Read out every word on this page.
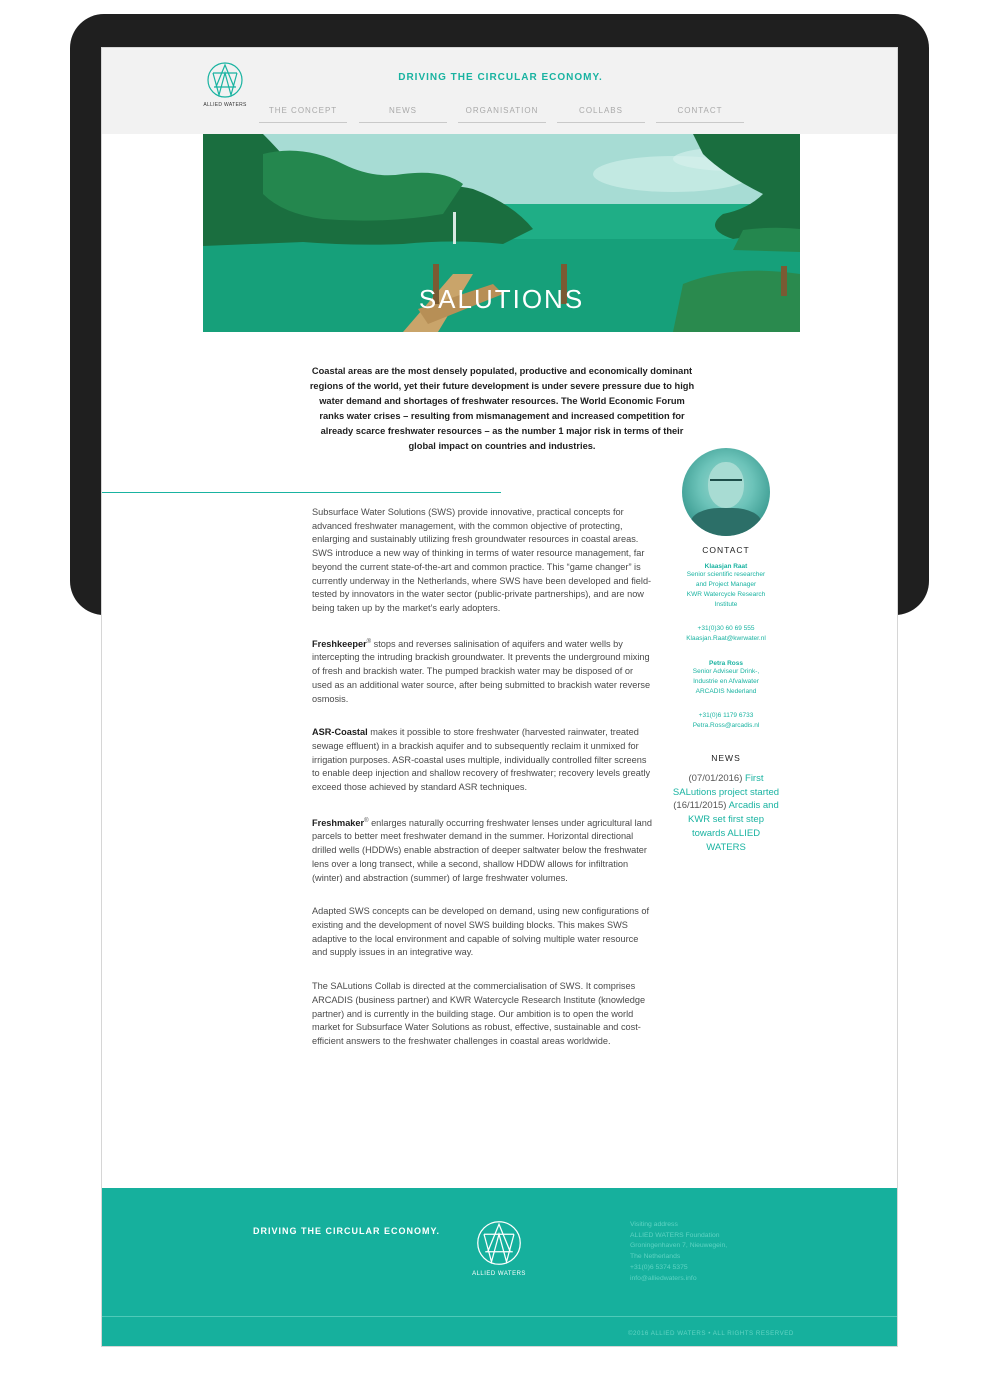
ALLIED WATERS
DRIVING THE CIRCULAR ECONOMY.
THE CONCEPT	NEWS	ORGANISATION	COLLABS	CONTACT
SALUTIONS
Coastal areas are the most densely populated, productive and economically dominant regions of the world, yet their future development is under severe pressure due to high water demand and shortages of freshwater resources. The World Economic Forum ranks water crises – resulting from mismanagement and increased competition for already scarce freshwater resources – as the number 1 major risk in terms of their global impact on countries and industries.

Subsurface Water Solutions (SWS) provide innovative, practical concepts for advanced freshwater management, with the common objective of protecting, enlarging and sustainably utilizing fresh groundwater resources in coastal areas. SWS introduce a new way of thinking in terms of water resource management, far beyond the current state-of-the-art and common practice. This “game changer” is currently underway in the Netherlands, where SWS have been developed and field-tested by innovators in the water sector (public-private partnerships), and are now being taken up by the market’s early adopters.

Freshkeeper® stops and reverses salinisation of aquifers and water wells by intercepting the intruding brackish groundwater. It prevents the underground mixing of fresh and brackish water. The pumped brackish water may be disposed of or used as an additional water source, after being submitted to brackish water reverse osmosis.

ASR-Coastal makes it possible to store freshwater (harvested rainwater, treated sewage effluent) in a brackish aquifer and to subsequently reclaim it unmixed for irrigation purposes. ASR-coastal uses multiple, individually controlled filter screens to enable deep injection and shallow recovery of freshwater; recovery levels greatly exceed those achieved by standard ASR techniques.

Freshmaker® enlarges naturally occurring freshwater lenses under agricultural land parcels to better meet freshwater demand in the summer. Horizontal directional drilled wells (HDDWs) enable abstraction of deeper saltwater below the freshwater lens over a long transect, while a second, shallow HDDW allows for infiltration (winter) and abstraction (summer) of large freshwater volumes.

Adapted SWS concepts can be developed on demand, using new configurations of existing and the development of novel SWS building blocks. This makes SWS adaptive to the local environment and capable of solving multiple water resource and supply issues in an integrative way.

The SALutions Collab is directed at the commercialisation of SWS. It comprises ARCADIS (business partner) and KWR Watercycle Research Institute (knowledge partner) and is currently in the building stage. Our ambition is to open the world market for Subsurface Water Solutions as robust, effective, sustainable and cost-efficient answers to the freshwater challenges in coastal areas worldwide.

CONTACT
Klaasjan Raat
Senior scientific researcher
and Project Manager
KWR Watercycle Research
Institute
+31(0)30 60 69 555
Klaasjan.Raat@kwrwater.nl
Petra Ross
Senior Adviseur Drink-,
Industrie en Afvalwater
ARCADIS Nederland
+31(0)6 1179 6733
Petra.Ross@arcadis.nl
NEWS
(07/01/2016) First SALutions project started
(16/11/2015) Arcadis and KWR set first step towards ALLIED WATERS
DRIVING THE CIRCULAR ECONOMY.
ALLIED WATERS
Visiting address
ALLIED WATERS Foundation
Groningenhaven 7, Nieuwegein,
The Netherlands
+31(0)6 5374 5375
info@alliedwaters.info
©2016 ALLIED WATERS • ALL RIGHTS RESERVED
